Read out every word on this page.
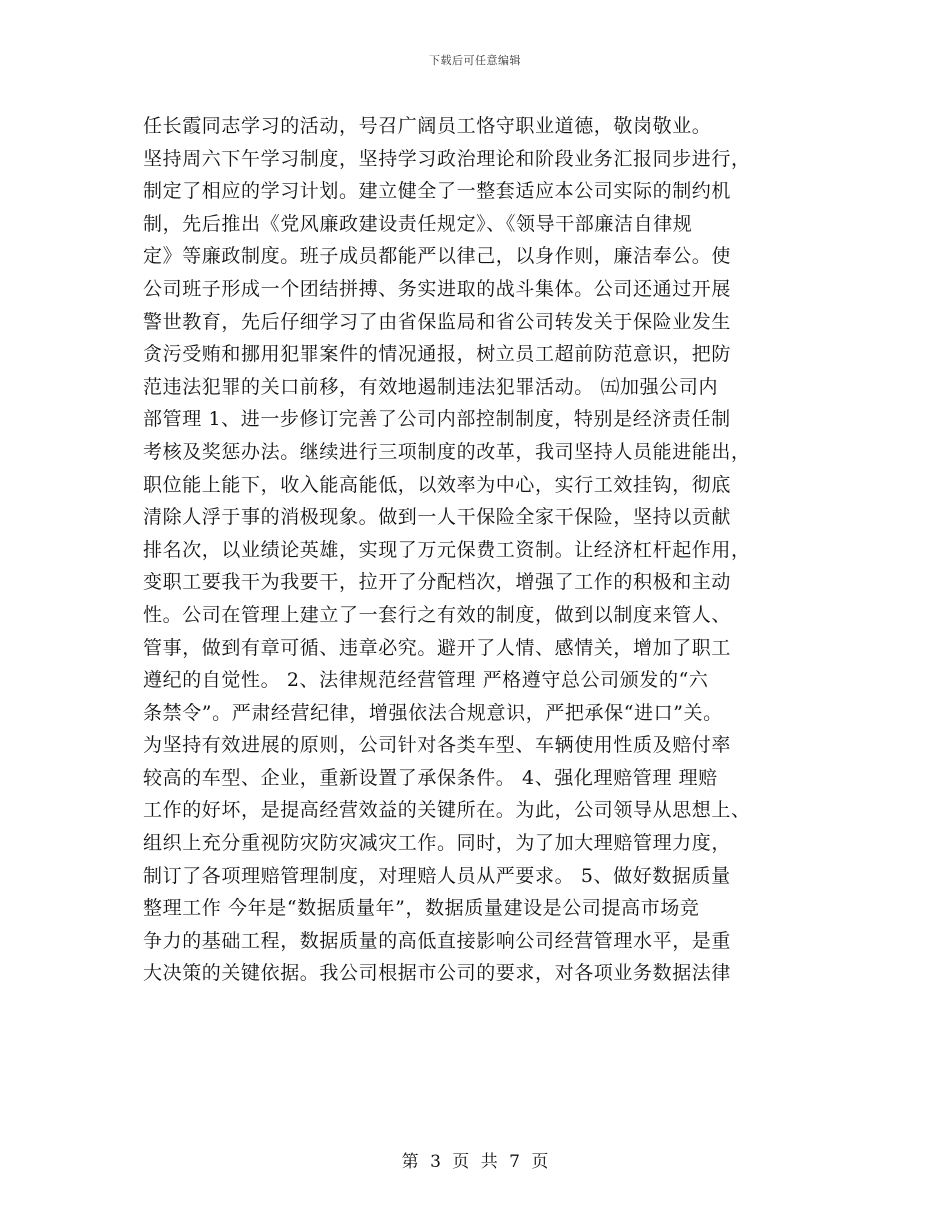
下载后可任意编辑
任长霞同志学习的活动，号召广阔员工恪守职业道德，敬岗敬业。
坚持周六下午学习制度，坚持学习政治理论和阶段业务汇报同步进行，
制定了相应的学习计划。建立健全了一整套适应本公司实际的制约机
制，先后推出《党风廉政建设责任规定》、《领导干部廉洁自律规
定》等廉政制度。班子成员都能严以律己，以身作则，廉洁奉公。使
公司班子形成一个团结拼搏、务实进取的战斗集体。公司还通过开展
警世教育，先后仔细学习了由省保监局和省公司转发关于保险业发生
贪污受贿和挪用犯罪案件的情况通报，树立员工超前防范意识，把防
范违法犯罪的关口前移，有效地遏制违法犯罪活动。 ㈤加强公司内
部管理 1、进一步修订完善了公司内部控制制度，特别是经济责任制
考核及奖惩办法。继续进行三项制度的改革，我司坚持人员能进能出，
职位能上能下，收入能高能低，以效率为中心，实行工效挂钩，彻底
清除人浮于事的消极现象。做到一人干保险全家干保险，坚持以贡献
排名次，以业绩论英雄，实现了万元保费工资制。让经济杠杆起作用，
变职工要我干为我要干，拉开了分配档次，增强了工作的积极和主动
性。公司在管理上建立了一套行之有效的制度，做到以制度来管人、
管事，做到有章可循、违章必究。避开了人情、感情关，增加了职工
遵纪的自觉性。 2、法律规范经营管理 严格遵守总公司颁发的“六
条禁令”。严肃经营纪律，增强依法合规意识，严把承保“进口”关。
为坚持有效进展的原则，公司针对各类车型、车辆使用性质及赔付率
较高的车型、企业，重新设置了承保条件。 4、强化理赔管理 理赔
工作的好坏，是提高经营效益的关键所在。为此，公司领导从思想上、
组织上充分重视防灾防灾减灾工作。同时，为了加大理赔管理力度，
制订了各项理赔管理制度，对理赔人员从严要求。 5、做好数据质量
整理工作 今年是“数据质量年”，数据质量建设是公司提高市场竞
争力的基础工程，数据质量的高低直接影响公司经营管理水平，是重
大决策的关键依据。我公司根据市公司的要求，对各项业务数据法律
第 3 页 共 7 页
